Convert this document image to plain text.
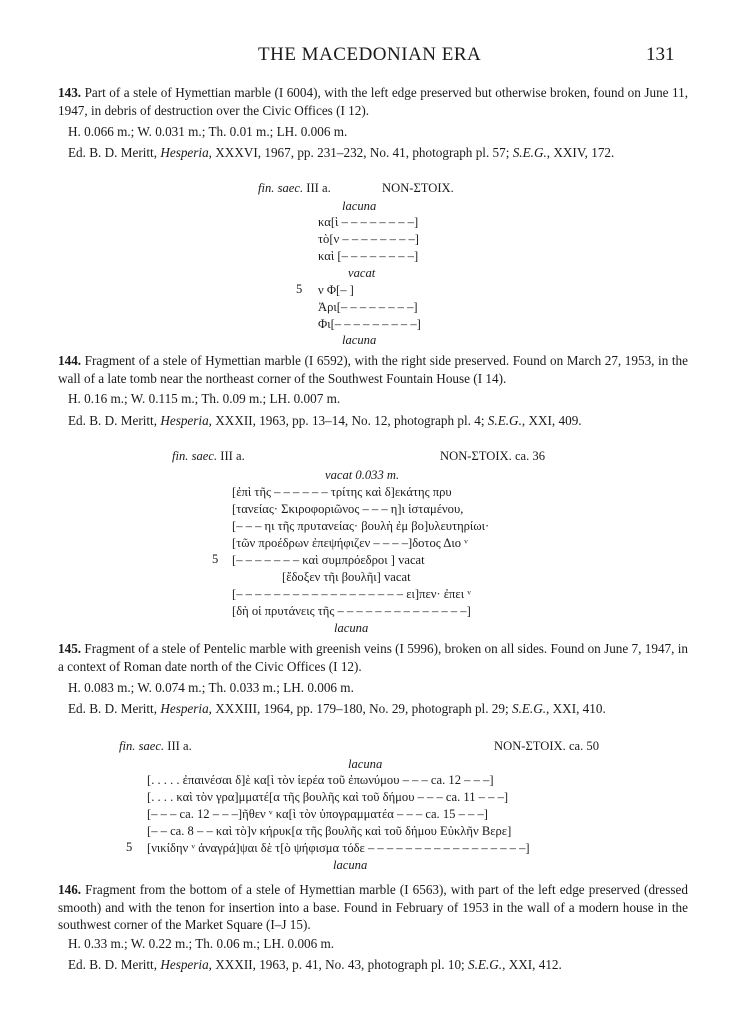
THE MACEDONIAN ERA	131
143. Part of a stele of Hymettian marble (I 6004), with the left edge preserved but otherwise broken, found on June 11, 1947, in debris of destruction over the Civic Offices (I 12).
H. 0.066 m.; W. 0.031 m.; Th. 0.01 m.; LH. 0.006 m.
Ed. B. D. Meritt, Hesperia, XXXVI, 1967, pp. 231–232, No. 41, photograph pl. 57; S.E.G., XXIV, 172.
fin. saec. III a.	NON-ΣΤΟΙΧ.
lacuna
κα[ὶ – – – – – – – –]
τὸ[ν – – – – – – – –]
καὶ [– – – – – – – –]
vacat
5 ν Φ[– ]
Ἀρι[– – – – – – – –]
Φι[– – – – – – – – –]
lacuna
144. Fragment of a stele of Hymettian marble (I 6592), with the right side preserved. Found on March 27, 1953, in the wall of a late tomb near the northeast corner of the Southwest Fountain House (I 14).
H. 0.16 m.; W. 0.115 m.; Th. 0.09 m.; LH. 0.007 m.
Ed. B. D. Meritt, Hesperia, XXXII, 1963, pp. 13–14, No. 12, photograph pl. 4; S.E.G., XXI, 409.
fin. saec. III a.	NON-ΣΤΟΙΧ. ca. 36
vacat 0.033 m.
[ἐπὶ τῆς – – – – – – τρίτης καὶ δ]εκάτης πρυ
[τανείας· Σκιροφοριῶνος – – – η]ι ἱσταμένου,
[– – – ηι τῆς πρυτανείας· βουλὴ ἐμ βο]υλευτηρίωι·
[τῶν προέδρων ἐπεψήφιζεν – – – –]δοτος Διο ᵛ
5 [– – – – – – – καὶ συμπρόεδροι ] vacat
[ἔδοξεν τῆι βουλῆι] vacat
[– – – – – – – – – – – – – – – – – – ει]πεν· ἐπει ᵛ
[δὴ οἱ πρυτάνεις τῆς – – – – – – – – – – – – – –]
lacuna
145. Fragment of a stele of Pentelic marble with greenish veins (I 5996), broken on all sides. Found on June 7, 1947, in a context of Roman date north of the Civic Offices (I 12).
H. 0.083 m.; W. 0.074 m.; Th. 0.033 m.; LH. 0.006 m.
Ed. B. D. Meritt, Hesperia, XXXIII, 1964, pp. 179–180, No. 29, photograph pl. 29; S.E.G., XXI, 410.
fin. saec. III a.	NON-ΣΤΟΙΧ. ca. 50
lacuna
[. . . . . ἐπαινέσαι δ]ὲ κα[ὶ τὸν ἱερέα τοῦ ἐπωνύμου – – – ca. 12 – – –]
[. . . . καὶ τὸν γρα]μματέ[α τῆς βουλῆς καὶ τοῦ δήμου – – – ca. 11 – – –]
[– – – ca. 12 – – –]ῆθεν ᵛ κα[ὶ τὸν ὑπογραμματέα – – – ca. 15 – – –]
[– – ca. 8 – – καὶ τὸ]ν κήρυκ[α τῆς βουλῆς καὶ τοῦ δήμου Εὐκλῆν Βερε]
5 [νικίδην ᵛ ἀναγρά]ψαι δὲ τ[ὸ ψήφισμα τόδε – – – – – – – – – – – – – – – – –]
lacuna
146. Fragment from the bottom of a stele of Hymettian marble (I 6563), with part of the left edge preserved (dressed smooth) and with the tenon for insertion into a base. Found in February of 1953 in the wall of a modern house in the southwest corner of the Market Square (I–J 15).
H. 0.33 m.; W. 0.22 m.; Th. 0.06 m.; LH. 0.006 m.
Ed. B. D. Meritt, Hesperia, XXXII, 1963, p. 41, No. 43, photograph pl. 10; S.E.G., XXI, 412.
